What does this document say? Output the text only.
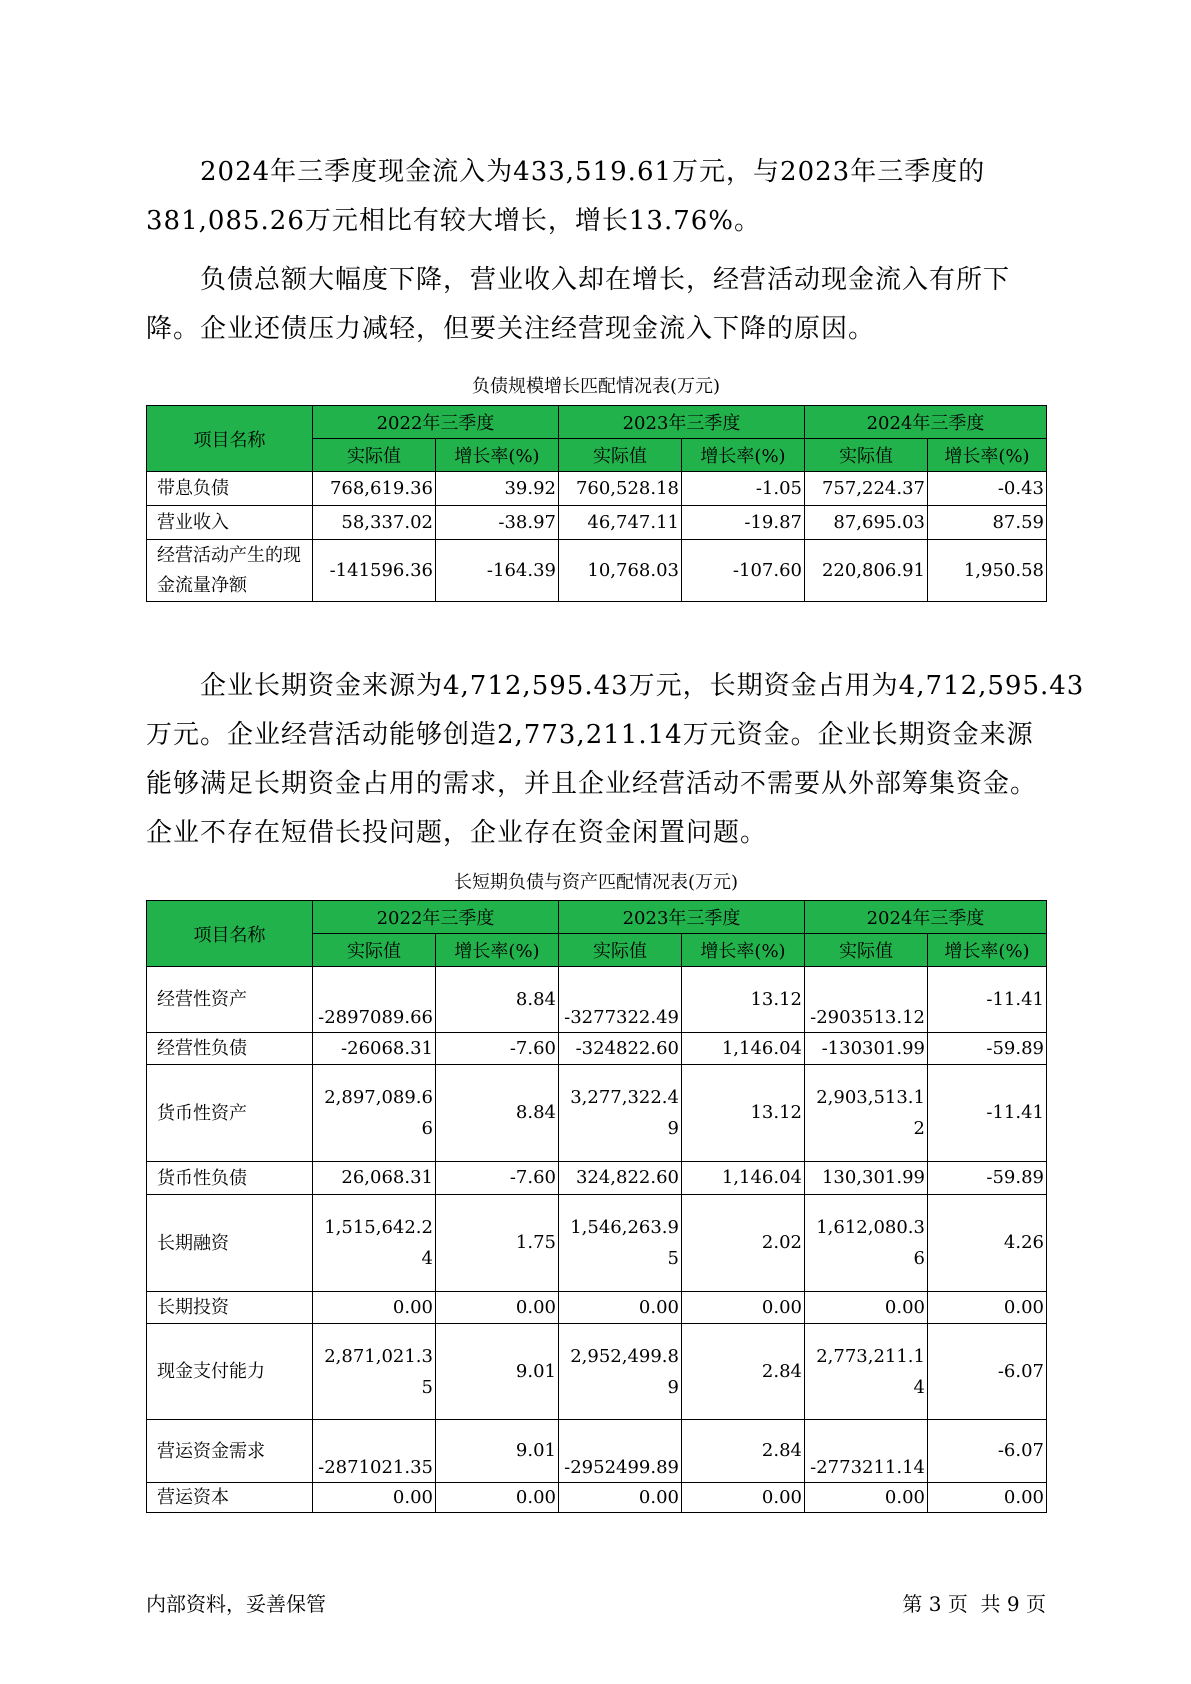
2024年三季度现金流入为433,519.61万元，与2023年三季度的
381,085.26万元相比有较大增长，增长13.76%。
负债总额大幅度下降，营业收入却在增长，经营活动现金流入有所下
降。企业还债压力减轻，但要关注经营现金流入下降的原因。
负债规模增长匹配情况表(万元)
项目名称	2022年三季度		2023年三季度		2024年三季度	
	实际值	增长率(%)	实际值	增长率(%)	实际值	增长率(%)
带息负债	768,619.36	39.92	760,528.18	-1.05	757,224.37	-0.43
营业收入	58,337.02	-38.97	46,747.11	-19.87	87,695.03	87.59
经营活动产生的现金流量净额	-141596.36	-164.39	10,768.03	-107.60	220,806.91	1,950.58
企业长期资金来源为4,712,595.43万元，长期资金占用为4,712,595.43
万元。企业经营活动能够创造2,773,211.14万元资金。企业长期资金来源
能够满足长期资金占用的需求，并且企业经营活动不需要从外部筹集资金。
企业不存在短借长投问题，企业存在资金闲置问题。
长短期负债与资产匹配情况表(万元)
项目名称	2022年三季度		2023年三季度		2024年三季度	
	实际值	增长率(%)	实际值	增长率(%)	实际值	增长率(%)
经营性资产	-2897089.66	8.84	-3277322.49	13.12	-2903513.12	-11.41
经营性负债	-26068.31	-7.60	-324822.60	1,146.04	-130301.99	-59.89
货币性资产	2,897,089.66	8.84	3,277,322.49	13.12	2,903,513.12	-11.41
货币性负债	26,068.31	-7.60	324,822.60	1,146.04	130,301.99	-59.89
长期融资	1,515,642.24	1.75	1,546,263.95	2.02	1,612,080.36	4.26
长期投资	0.00	0.00	0.00	0.00	0.00	0.00
现金支付能力	2,871,021.35	9.01	2,952,499.89	2.84	2,773,211.14	-6.07
营运资金需求	-2871021.35	9.01	-2952499.89	2.84	-2773211.14	-6.07
营运资本	0.00	0.00	0.00	0.00	0.00	0.00
内部资料，妥善保管	第 3 页  共 9 页
